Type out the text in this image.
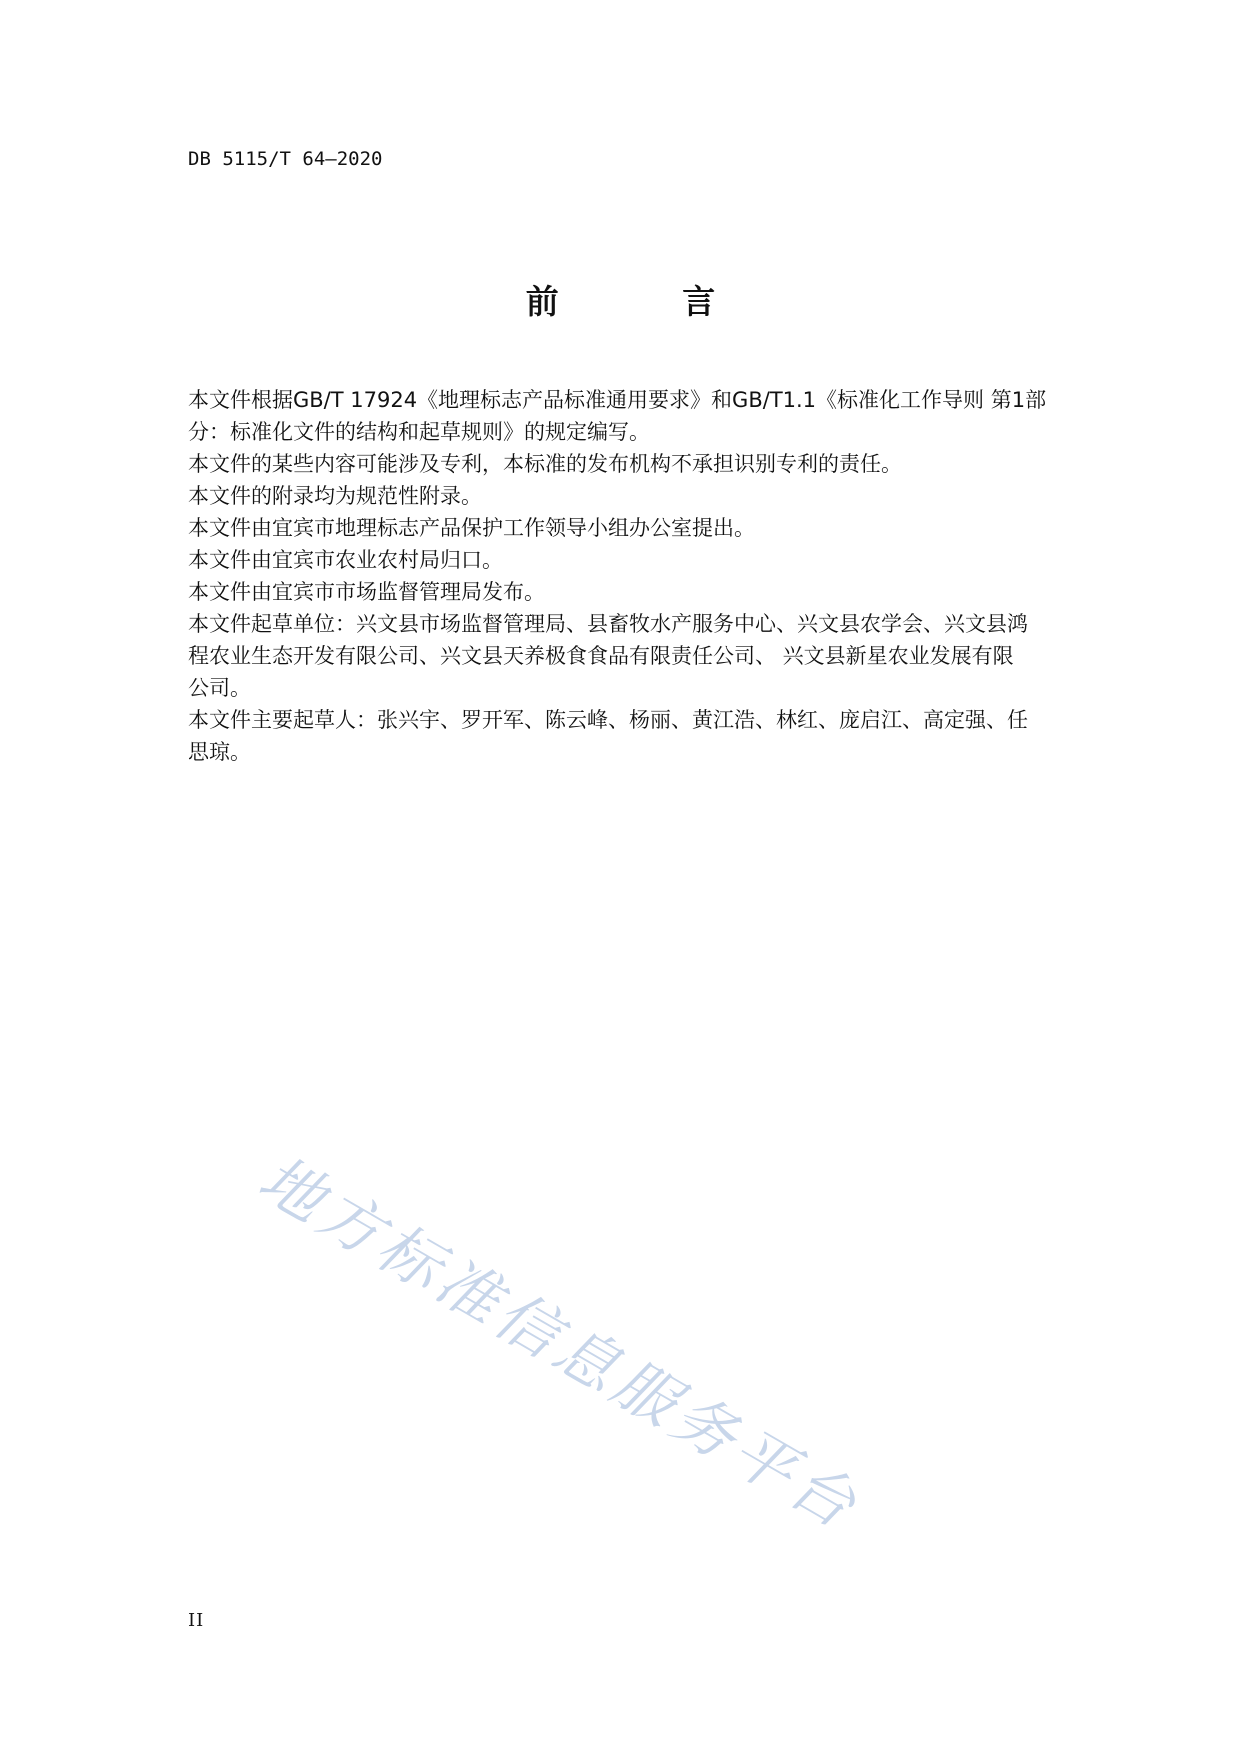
DB 5115/T 64—2020
前 言
本文件根据GB/T 17924《地理标志产品标准通用要求》和GB/T1.1《标准化工作导则 第1部
分：标准化文件的结构和起草规则》的规定编写。
本文件的某些内容可能涉及专利，本标准的发布机构不承担识别专利的责任。
本文件的附录均为规范性附录。
本文件由宜宾市地理标志产品保护工作领导小组办公室提出。
本文件由宜宾市农业农村局归口。
本文件由宜宾市市场监督管理局发布。
本文件起草单位：兴文县市场监督管理局、县畜牧水产服务中心、兴文县农学会、兴文县鸿
程农业生态开发有限公司、兴文县天养极食食品有限责任公司、 兴文县新星农业发展有限
公司。
本文件主要起草人：张兴宇、罗开军、陈云峰、杨丽、黄江浩、林红、庞启江、高定强、任
思琼。
地方标准信息服务平台
II
